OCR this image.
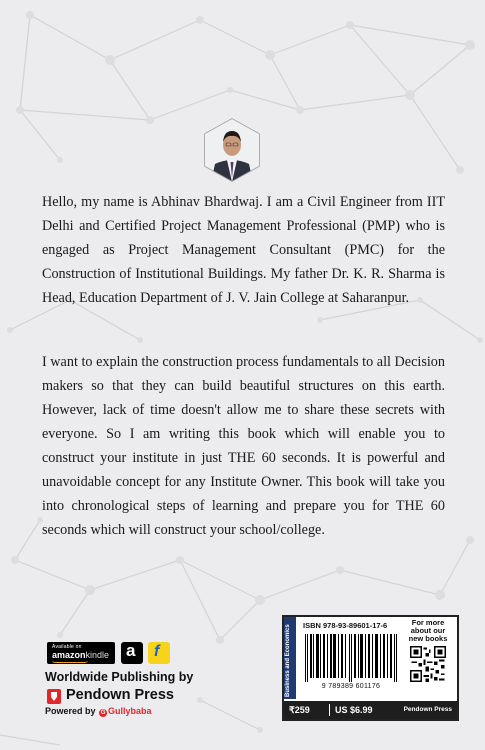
Hello, my name is Abhinav Bhardwaj. I am a Civil Engineer from IIT Delhi and Certified Project Management Professional (PMP) who is engaged as Project Management Consultant (PMC) for the Construction of Institutional Buildings. My father Dr. K. R. Sharma is Head, Education Department of J. V. Jain College at Saharanpur.

I want to explain the construction process fundamentals to all Decision makers so that they can build beautiful structures on this earth. However, lack of time doesn't allow me to share these secrets with everyone. So I am writing this book which will enable you to construct your institute in just THE 60 seconds. It is powerful and unavoidable concept for any Institute Owner. This book will take you into chronological steps of learning and prepare you for THE 60 seconds which will construct your school/college.

Available on
amazonkindle a f
Worldwide Publishing by
Pendown Press
Powered by G Gullybaba
Business and Economics ISBN 978-93-89601-17-6	For more
about our
new books
9 789389 601176
₹259	US $6.99	Pendown Press
